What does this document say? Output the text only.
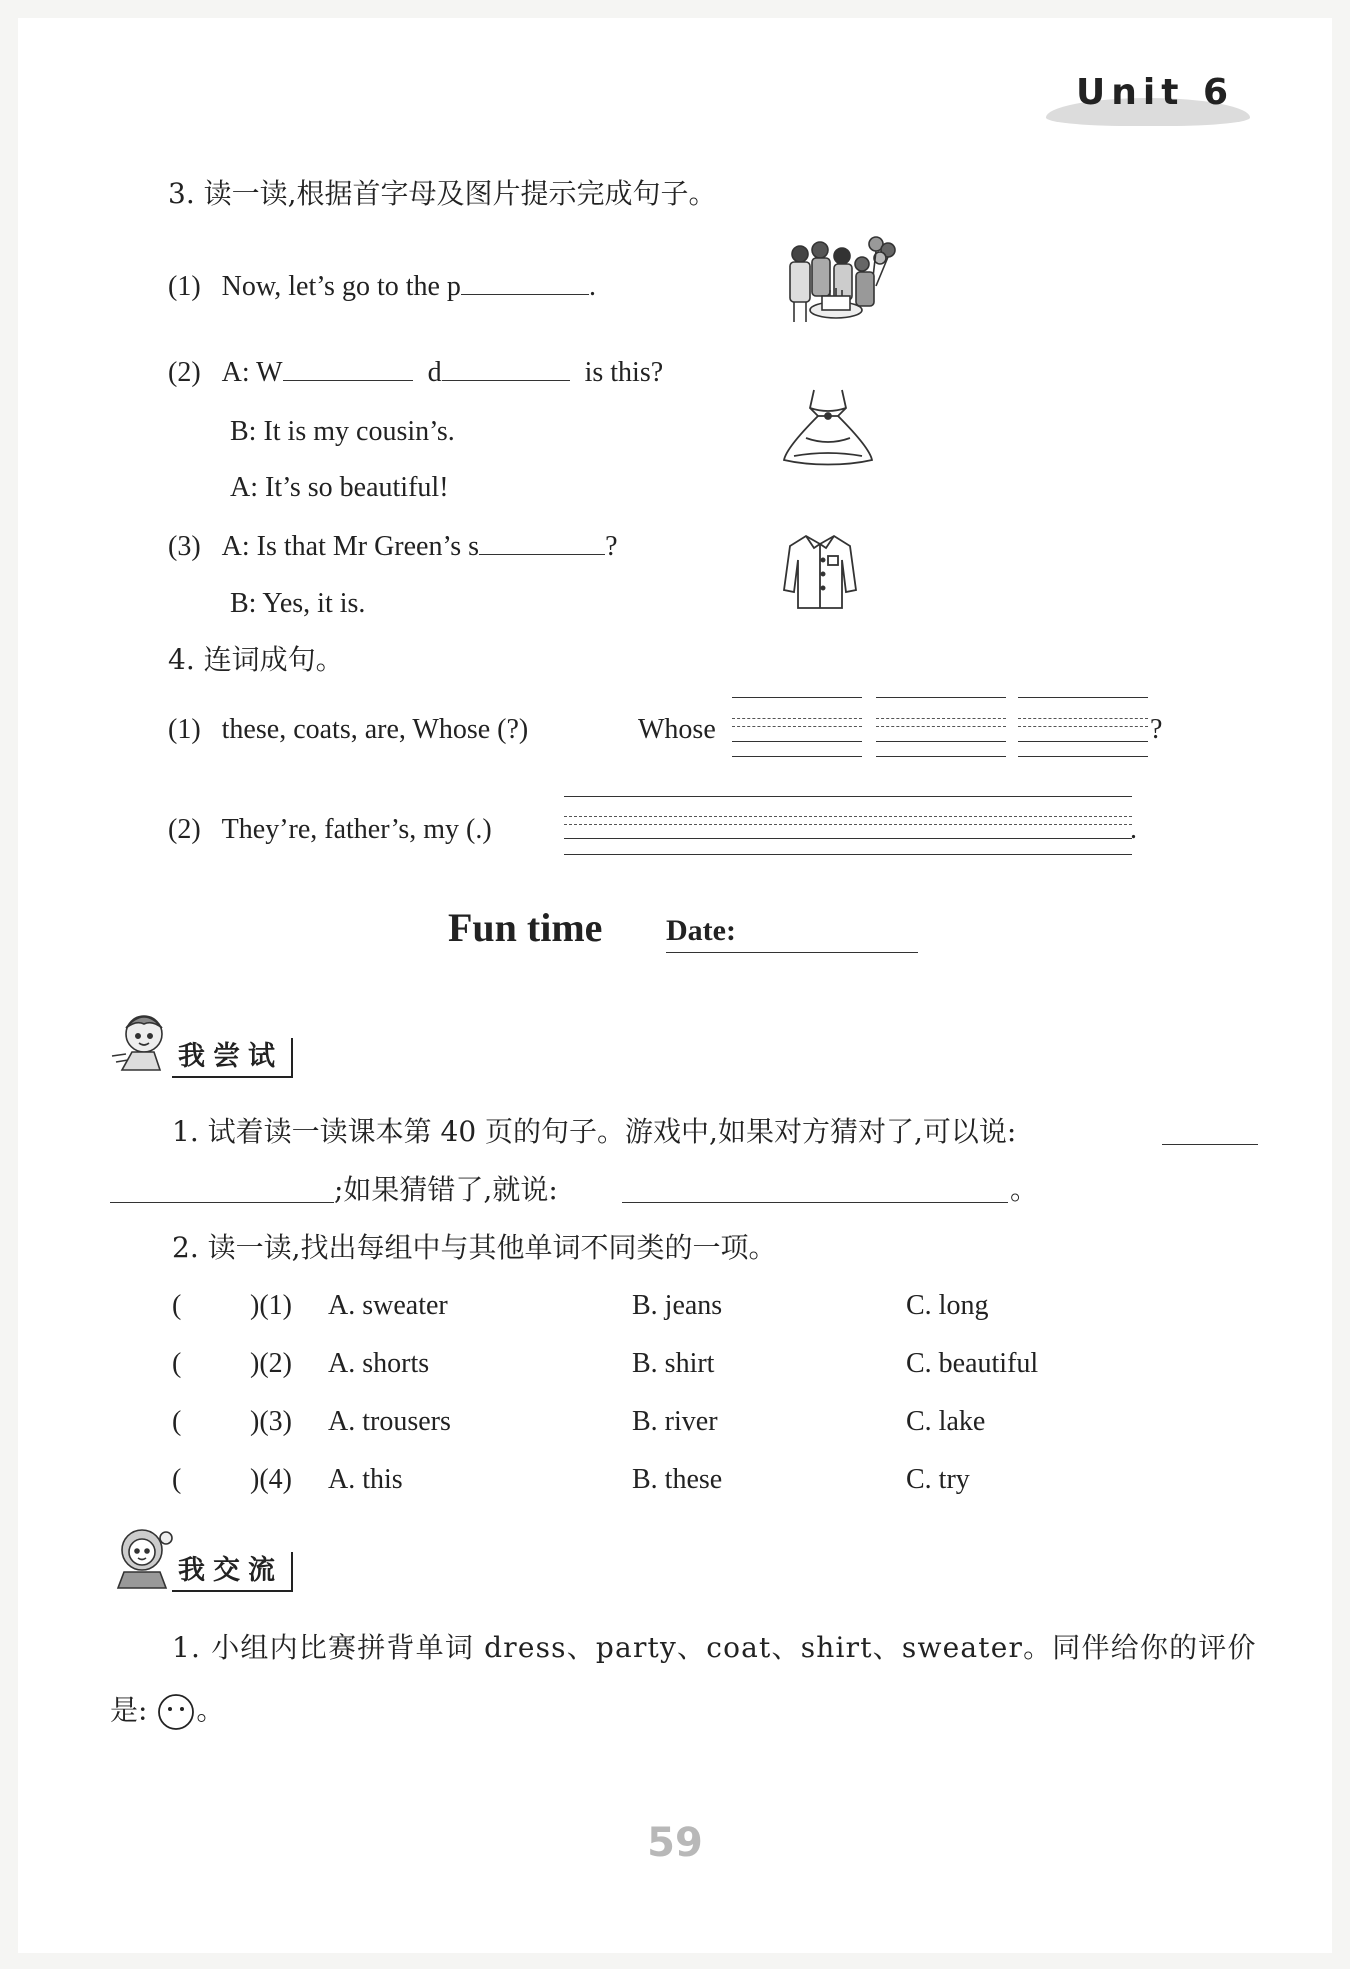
Unit 6
3. 读一读,根据首字母及图片提示完成句子。
(1) Now, let’s go to the p	.
(2) A: W	d	is this?
B: It is my cousin’s.
A: It’s so beautiful!
(3) A: Is that Mr Green’s s	?
B: Yes, it is.
4. 连词成句。
(1) these, coats, are, Whose (?)	Whose	?
(2) They’re, father’s, my (.)	.
Fun time Date:
我尝试
1. 试着读一读课本第 40 页的句子。游戏中,如果对方猜对了,可以说:
;如果猜错了,就说:	。
2. 读一读,找出每组中与其他单词不同类的一项。
( )(1) A. sweater	B. jeans	C. long
( )(2) A. shorts	B. shirt	C. beautiful
( )(3) A. trousers	B. river	C. lake
( )(4) A. this	B. these	C. try
我交流
1. 小组内比赛拼背单词 dress、party、coat、shirt、sweater。同伴给你的评价
是: 。
59
